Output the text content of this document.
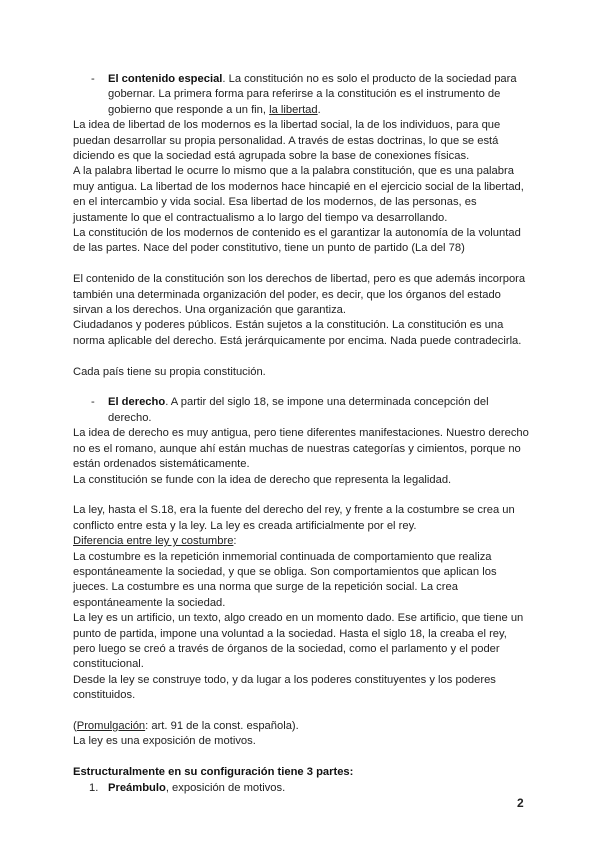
-	El contenido especial. La constitución no es solo el producto de la sociedad para gobernar. La primera forma para referirse a la constitución es el instrumento de gobierno que responde a un fin, la libertad.

La idea de libertad de los modernos es la libertad social, la de los individuos, para que puedan desarrollar su propia personalidad. A través de estas doctrinas, lo que se está diciendo es que la sociedad está agrupada sobre la base de conexiones físicas.

A la palabra libertad le ocurre lo mismo que a la palabra constitución, que es una palabra muy antigua. La libertad de los modernos hace hincapié en el ejercicio social de la libertad, en el intercambio y vida social. Esa libertad de los modernos, de las personas, es justamente lo que el contractualismo a lo largo del tiempo va desarrollando.

La constitución de los modernos de contenido es el garantizar la autonomía de la voluntad de las partes. Nace del poder constitutivo, tiene un punto de partido (La del 78)

El contenido de la constitución son los derechos de libertad, pero es que además incorpora también una determinada organización del poder, es decir, que los órganos del estado sirvan a los derechos. Una organización que garantiza.

Ciudadanos y poderes públicos. Están sujetos a la constitución. La constitución es una norma aplicable del derecho. Está jerárquicamente por encima. Nada puede contradecirla.

Cada país tiene su propia constitución.

-	El derecho. A partir del siglo 18, se impone una determinada concepción del derecho.

La idea de derecho es muy antigua, pero tiene diferentes manifestaciones. Nuestro derecho no es el romano, aunque ahí están muchas de nuestras categorías y cimientos, porque no están ordenados sistemáticamente.

La constitución se funde con la idea de derecho que representa la legalidad.

La ley, hasta el S.18, era la fuente del derecho del rey, y frente a la costumbre se crea un conflicto entre esta y la ley. La ley es creada artificialmente por el rey.

Diferencia entre ley y costumbre:

La costumbre es la repetición inmemorial continuada de comportamiento que realiza espontáneamente la sociedad, y que se obliga. Son comportamientos que aplican los jueces. La costumbre es una norma que surge de la repetición social. La crea espontáneamente la sociedad.

La ley es un artificio, un texto, algo creado en un momento dado. Ese artificio, que tiene un punto de partida, impone una voluntad a la sociedad. Hasta el siglo 18, la creaba el rey, pero luego se creó a través de órganos de la sociedad, como el parlamento y el poder constitucional.

Desde la ley se construye todo, y da lugar a los poderes constituyentes y los poderes constituidos.

(Promulgación: art. 91 de la const. española).

La ley es una exposición de motivos.

Estructuralmente en su configuración tiene 3 partes:

1. Preámbulo, exposición de motivos.
2
